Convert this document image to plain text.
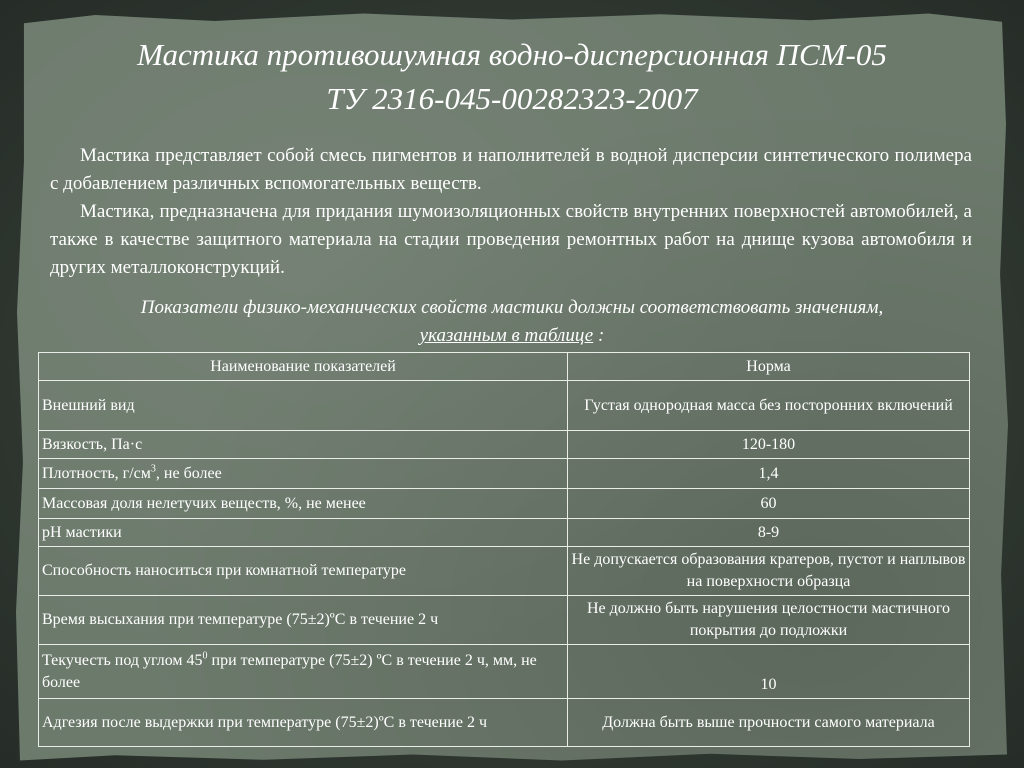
Мастика противошумная водно-дисперсионная ПСМ-05
ТУ 2316-045-00282323-2007

Мастика представляет собой смесь пигментов и наполнителей в водной дисперсии синтетического полимера с добавлением различных вспомогательных веществ.

Мастика, предназначена для придания шумоизоляционных свойств внутренних поверхностей автомобилей, а также в качестве защитного материала на стадии проведения ремонтных работ на днище кузова автомобиля и других металлоконструкций.

Показатели физико-механических свойств мастики должны соответствовать значениям,
указанным в таблице :

Наименование показателей	Норма
Внешний вид	Густая однородная масса без посторонних включений
Вязкость, Па·с	120-180
Плотность, $г/см^3$, не более	1,4
Массовая доля нелетучих веществ, %, не менее	60
рН мастики	8-9
Способность наноситься при комнатной температуре	Не допускается образования кратеров, пустот и наплывов на поверхности образца
Время высыхания при температуре (75±2)ºС в течение 2 ч	Не должно быть нарушения целостности мастичного покрытия до подложки
Текучесть под углом $45^0$ при температуре (75±2) ºС в течение 2 ч, мм, не более	10
Адгезия после выдержки при температуре (75±2)ºС в течение 2 ч	Должна быть выше прочности самого материала
